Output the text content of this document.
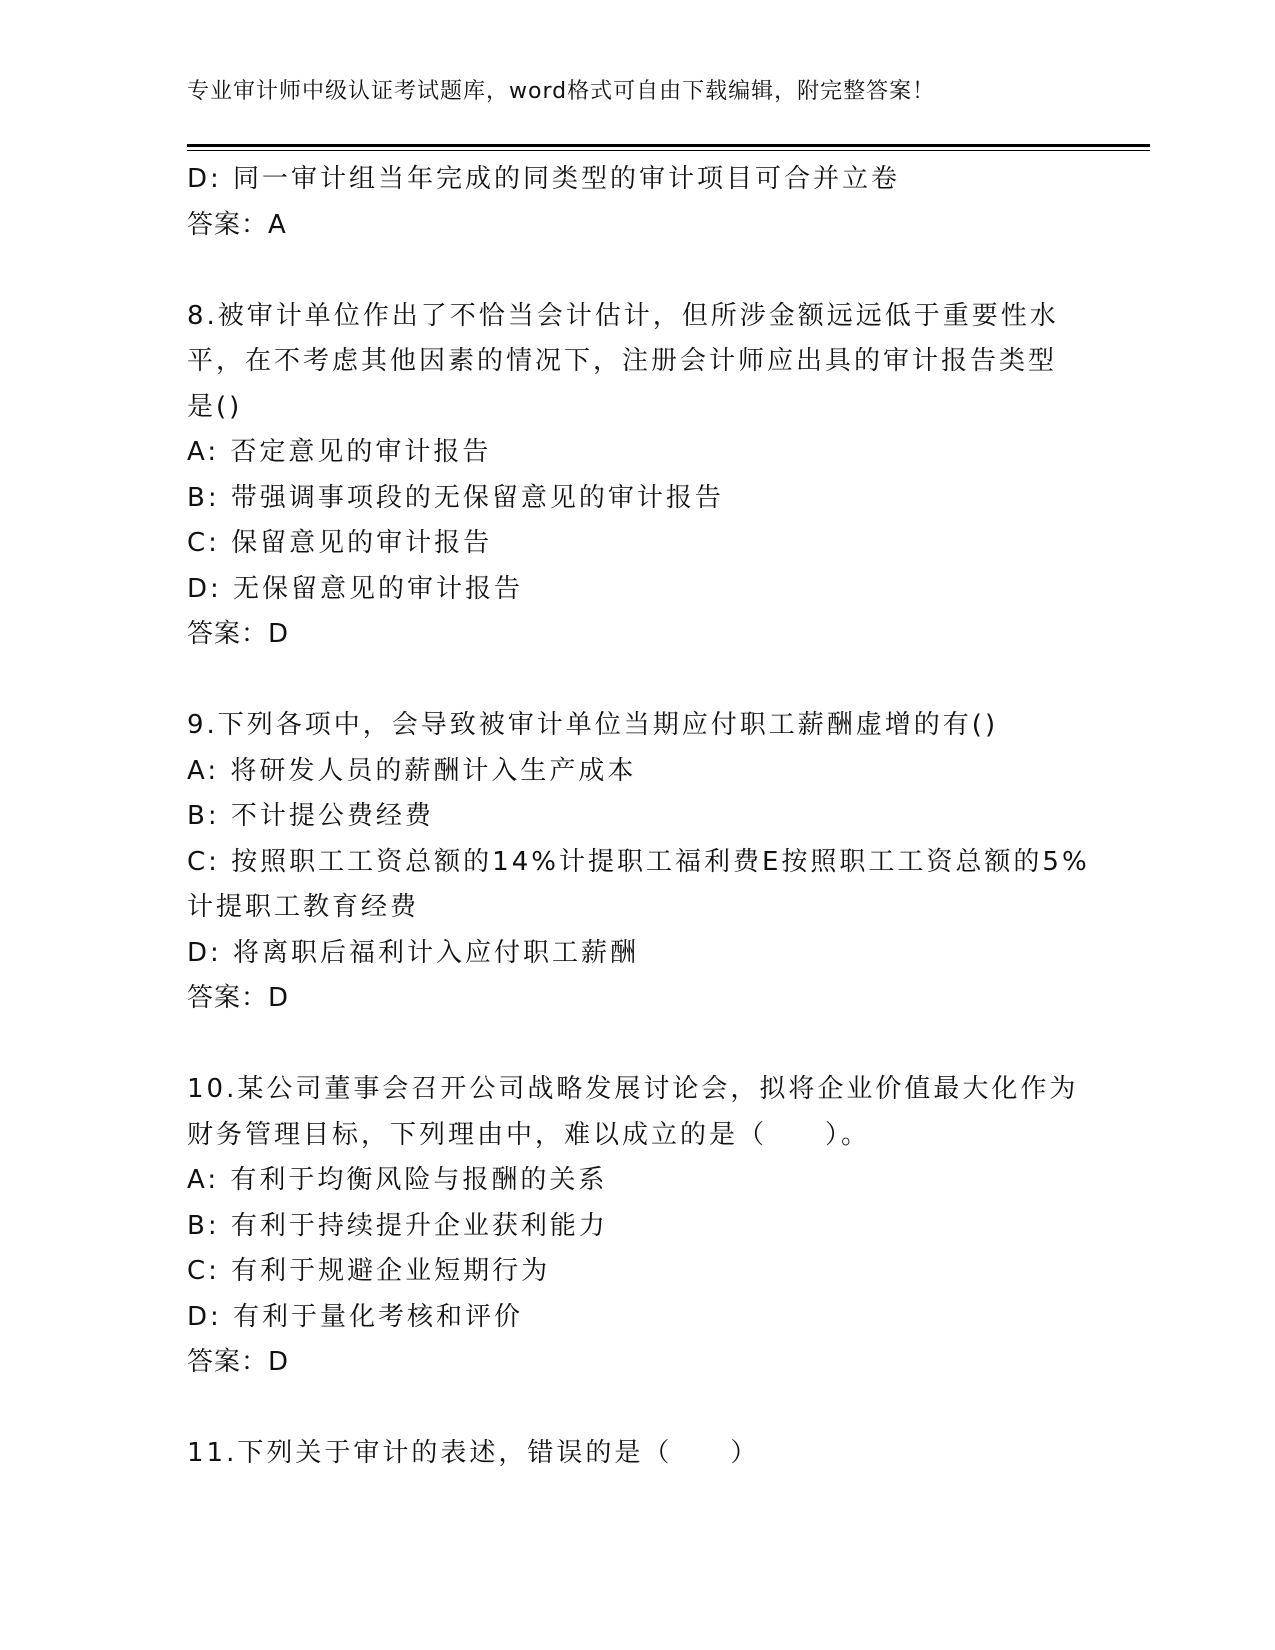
专业审计师中级认证考试题库，word格式可自由下载编辑，附完整答案！
D: 同一审计组当年完成的同类型的审计项目可合并立卷
答案：A
8.被审计单位作出了不恰当会计估计，但所涉金额远远低于重要性水
平，在不考虑其他因素的情况下，注册会计师应出具的审计报告类型
是()
A: 否定意见的审计报告
B: 带强调事项段的无保留意见的审计报告
C: 保留意见的审计报告
D: 无保留意见的审计报告
答案：D
9.下列各项中，会导致被审计单位当期应付职工薪酬虚增的有()
A: 将研发人员的薪酬计入生产成本
B: 不计提公费经费
C: 按照职工工资总额的14%计提职工福利费E按照职工工资总额的5%
计提职工教育经费
D: 将离职后福利计入应付职工薪酬
答案：D
10.某公司董事会召开公司战略发展讨论会，拟将企业价值最大化作为
财务管理目标，下列理由中，难以成立的是（　　）。
A: 有利于均衡风险与报酬的关系
B: 有利于持续提升企业获利能力
C: 有利于规避企业短期行为
D: 有利于量化考核和评价
答案：D
11.下列关于审计的表述，错误的是（　　）
